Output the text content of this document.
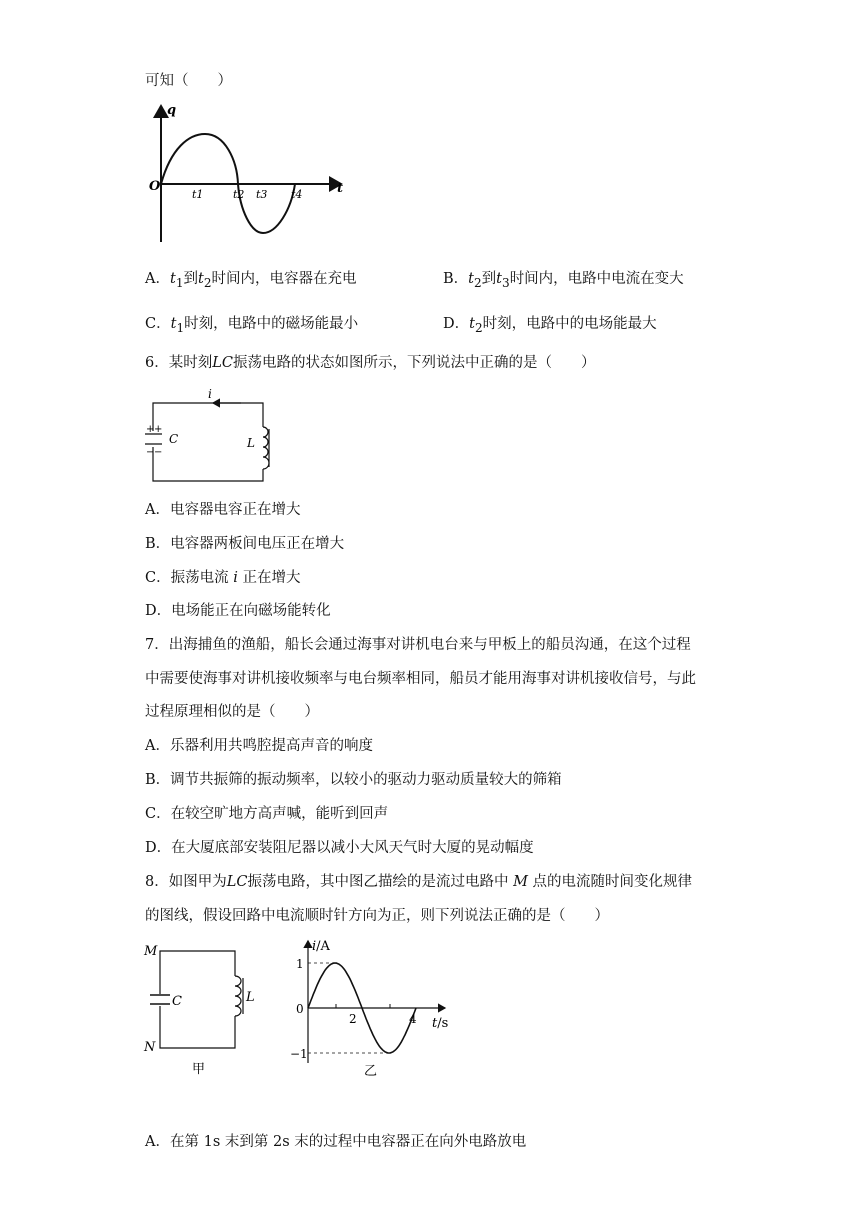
可知（　　）
q
t
O
t1	t2 t3 t4
A．$t_1$到$t_2$时间内，电容器在充电	B．$t_2$到$t_3$时间内，电路中电流在变大
C．$t_1$时刻，电路中的磁场能最小	D．$t_2$时刻，电路中的电场能最大
6．某时刻LC振荡电路的状态如图所示，下列说法中正确的是（　　）
i
+ +
− −
C	L
A．电容器电容正在增大
B．电容器两板间电压正在增大
C．振荡电流 i 正在增大
D．电场能正在向磁场能转化
7．出海捕鱼的渔船，船长会通过海事对讲机电台来与甲板上的船员沟通，在这个过程
中需要使海事对讲机接收频率与电台频率相同，船员才能用海事对讲机接收信号，与此
过程原理相似的是（　　）
A．乐器利用共鸣腔提高声音的响度
B．调节共振筛的振动频率，以较小的驱动力驱动质量较大的筛箱
C．在较空旷地方高声喊，能听到回声
D．在大厦底部安装阻尼器以减小大风天气时大厦的晃动幅度
8．如图甲为LC振荡电路，其中图乙描绘的是流过电路中 M 点的电流随时间变化规律
的图线，假设回路中电流顺时针方向为正，则下列说法正确的是（　　）
C	L
M
N
甲
i/A
t/s
1
0
−1
2	4
乙
A．在第 1s 末到第 2s 末的过程中电容器正在向外电路放电
